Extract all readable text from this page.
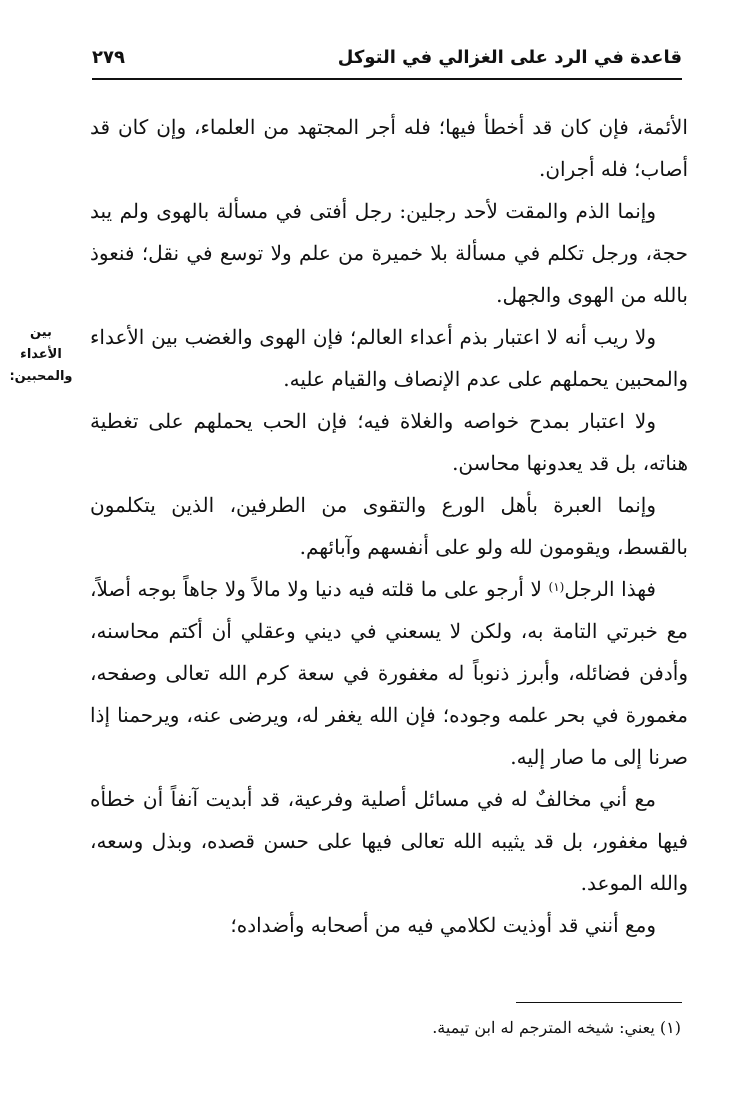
قاعدة في الرد على الغزالي في التوكل
٢٧٩
بين
الأعداء
والمحبين:

الأئمة، فإن كان قد أخطأ فيها؛ فله أجر المجتهد من العلماء، وإن كان قد أصاب؛ فله أجران.

وإنما الذم والمقت لأحد رجلين: رجل أفتى في مسألة بالهوى ولم يبد حجة، ورجل تكلم في مسألة بلا خميرة من علم ولا توسع في نقل؛ فنعوذ بالله من الهوى والجهل.

ولا ريب أنه لا اعتبار بذم أعداء العالم؛ فإن الهوى والغضب بين الأعداء والمحبين يحملهم على عدم الإنصاف والقيام عليه.

ولا اعتبار بمدح خواصه والغلاة فيه؛ فإن الحب يحملهم على تغطية هناته، بل قد يعدونها محاسن.

وإنما العبرة بأهل الورع والتقوى من الطرفين، الذين يتكلمون بالقسط، ويقومون لله ولو على أنفسهم وآبائهم.

فهذا الرجل$^{(١)}$ لا أرجو على ما قلته فيه دنيا ولا مالاً ولا جاهاً بوجه أصلاً، مع خبرتي التامة به، ولكن لا يسعني في ديني وعقلي أن أكتم محاسنه، وأدفن فضائله، وأبرز ذنوباً له مغفورة في سعة كرم الله تعالى وصفحه، مغمورة في بحر علمه وجوده؛ فإن الله يغفر له، ويرضى عنه، ويرحمنا إذا صرنا إلى ما صار إليه.

مع أني مخالفٌ له في مسائل أصلية وفرعية، قد أبديت آنفاً أن خطأه فيها مغفور، بل قد يثيبه الله تعالى فيها على حسن قصده، وبذل وسعه، والله الموعد.

ومع أنني قد أوذيت لكلامي فيه من أصحابه وأضداده؛

(١) يعني: شيخه المترجم له ابن تيمية.
